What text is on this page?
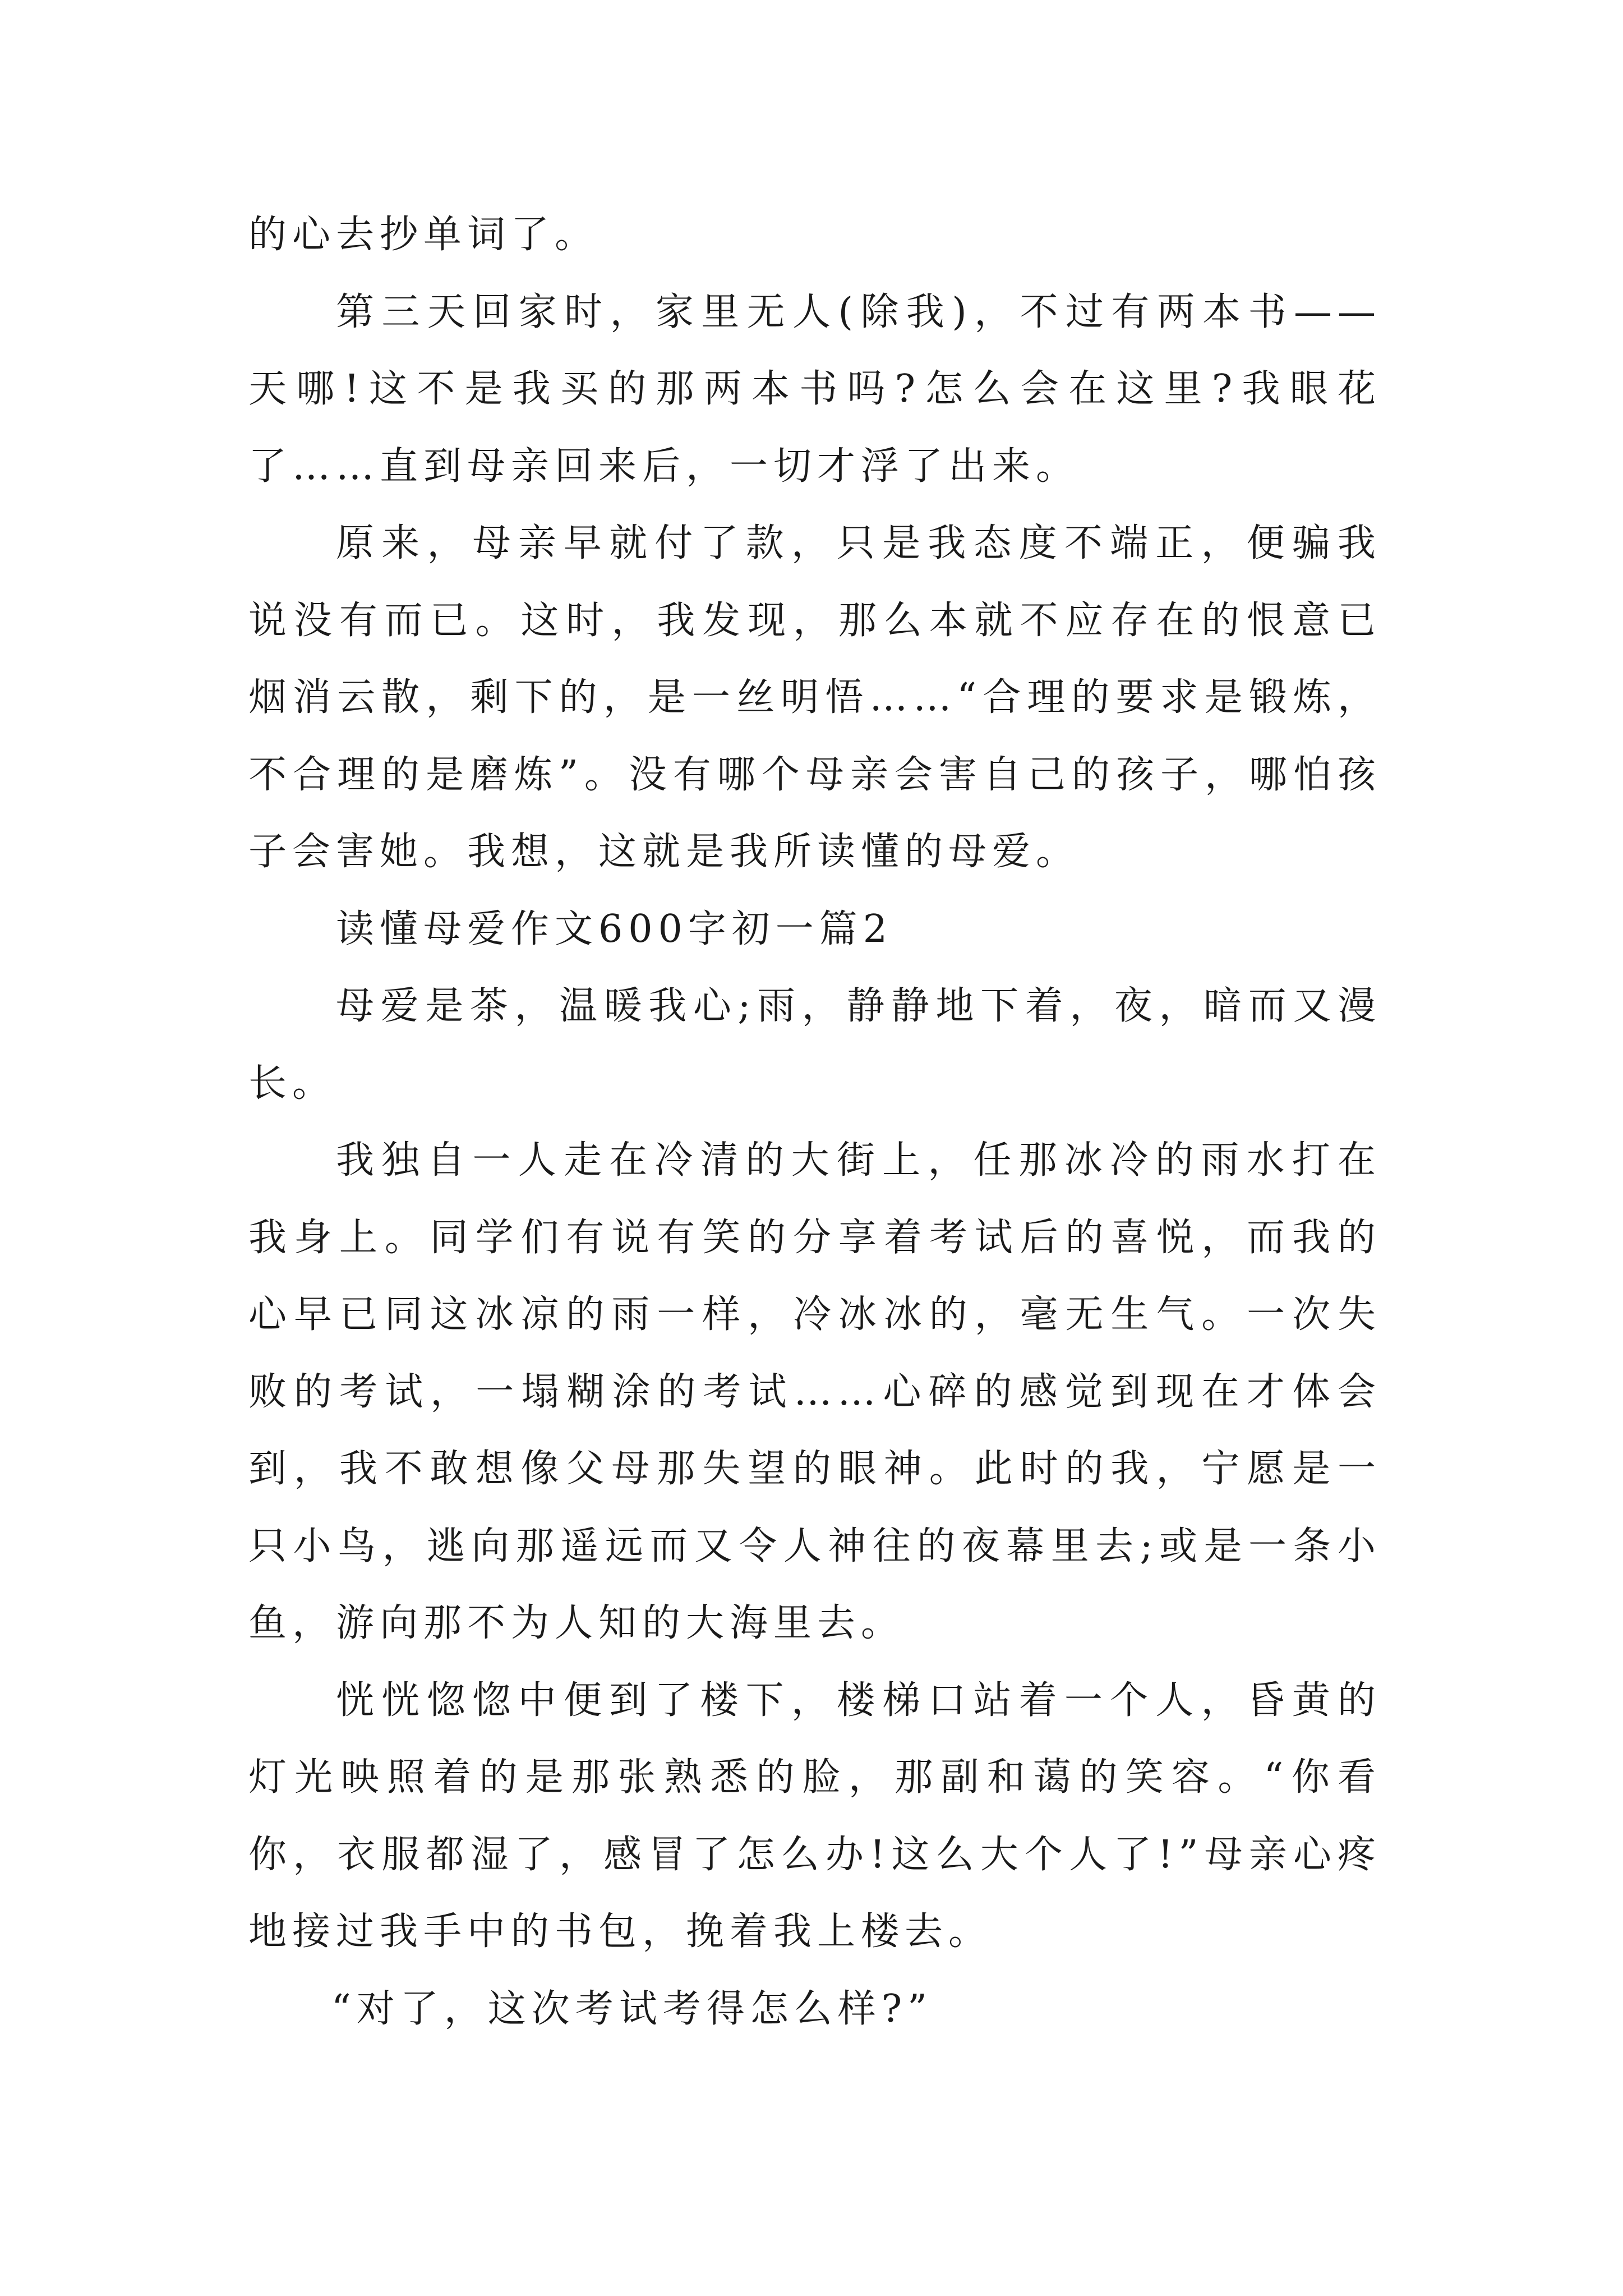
的心去抄单词了。

第三天回家时，家里无人(除我)，不过有两本书——天哪!这不是我买的那两本书吗?怎么会在这里?我眼花了……直到母亲回来后，一切才浮了出来。

原来，母亲早就付了款，只是我态度不端正，便骗我说没有而已。这时，我发现，那么本就不应存在的恨意已烟消云散，剩下的，是一丝明悟……“合理的要求是锻炼，不合理的是磨炼”。没有哪个母亲会害自己的孩子，哪怕孩子会害她。我想，这就是我所读懂的母爱。

读懂母爱作文600字初一篇2

母爱是茶，温暖我心;雨，静静地下着，夜，暗而又漫长。

我独自一人走在冷清的大街上，任那冰冷的雨水打在我身上。同学们有说有笑的分享着考试后的喜悦，而我的心早已同这冰凉的雨一样，冷冰冰的，毫无生气。一次失败的考试，一塌糊涂的考试……心碎的感觉到现在才体会到，我不敢想像父母那失望的眼神。此时的我，宁愿是一只小鸟，逃向那遥远而又令人神往的夜幕里去;或是一条小鱼，游向那不为人知的大海里去。

恍恍惚惚中便到了楼下，楼梯口站着一个人，昏黄的灯光映照着的是那张熟悉的脸，那副和蔼的笑容。“你看你，衣服都湿了，感冒了怎么办!这么大个人了!”母亲心疼地接过我手中的书包，挽着我上楼去。

“对了，这次考试考得怎么样?”
